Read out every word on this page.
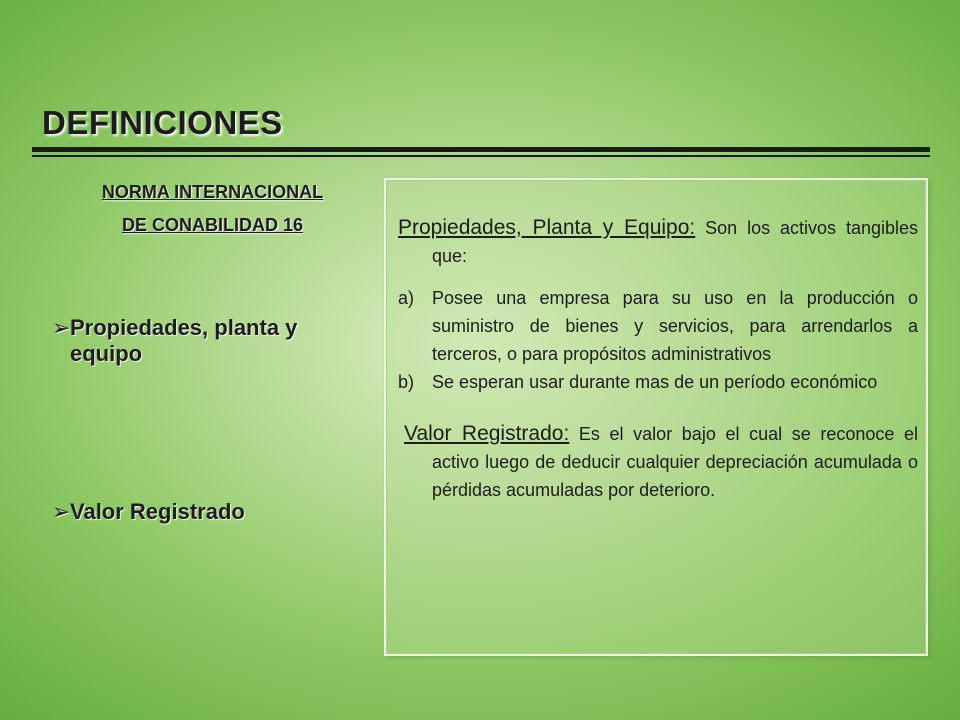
DEFINICIONES
NORMA INTERNACIONAL
DE CONABILIDAD 16
➢Propiedades, planta y equipo
➢Valor Registrado

Propiedades, Planta y Equipo: Son los activos tangibles que:

a) Posee una empresa para su uso en la producción o suministro de bienes y servicios, para arrendarlos a terceros, o para propósitos administrativos
b) Se esperan usar durante mas de un período económico

Valor Registrado: Es el valor bajo el cual se reconoce el activo luego de deducir cualquier depreciación acumulada o pérdidas acumuladas por deterioro.
